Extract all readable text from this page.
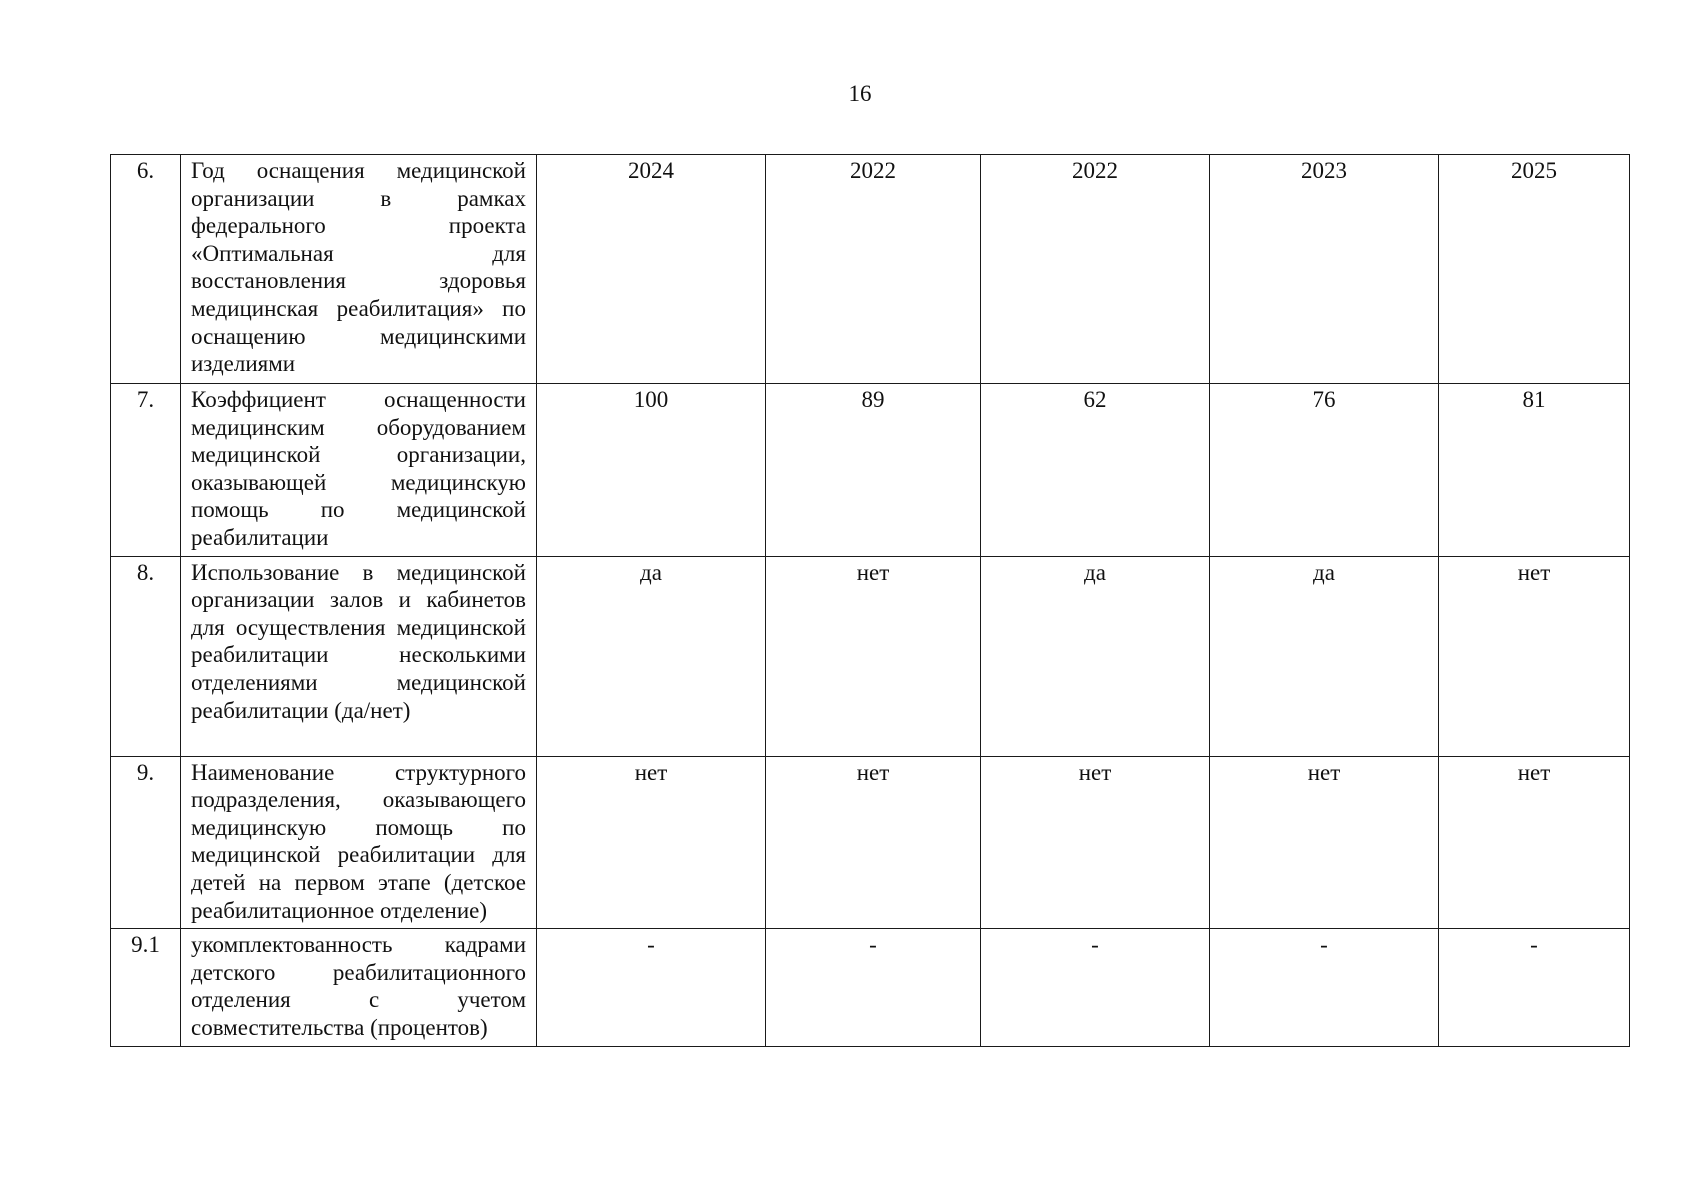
16
6.	Год оснащения медицинской организации в рамках федерального проекта «Оптимальная для восстановления здоровья медицинская реабилитация» по оснащению медицинскими изделиями	2024	2022	2022	2023	2025
7.	Коэффициент оснащенности медицинским оборудованием медицинской организации, оказывающей медицинскую помощь по медицинской реабилитации	100	89	62	76	81
8.	Использование в медицинской организации залов и кабинетов для осуществления медицинской реабилитации несколькими отделениями медицинской реабилитации (да/нет)	да	нет	да	да	нет
9.	Наименование структурного подразделения, оказывающего медицинскую помощь по медицинской реабилитации для детей на первом этапе (детское реабилитационное отделение)	нет	нет	нет	нет	нет
9.1	укомплектованность кадрами детского реабилитационного отделения с учетом совместительства (процентов)	-	-	-	-	-
